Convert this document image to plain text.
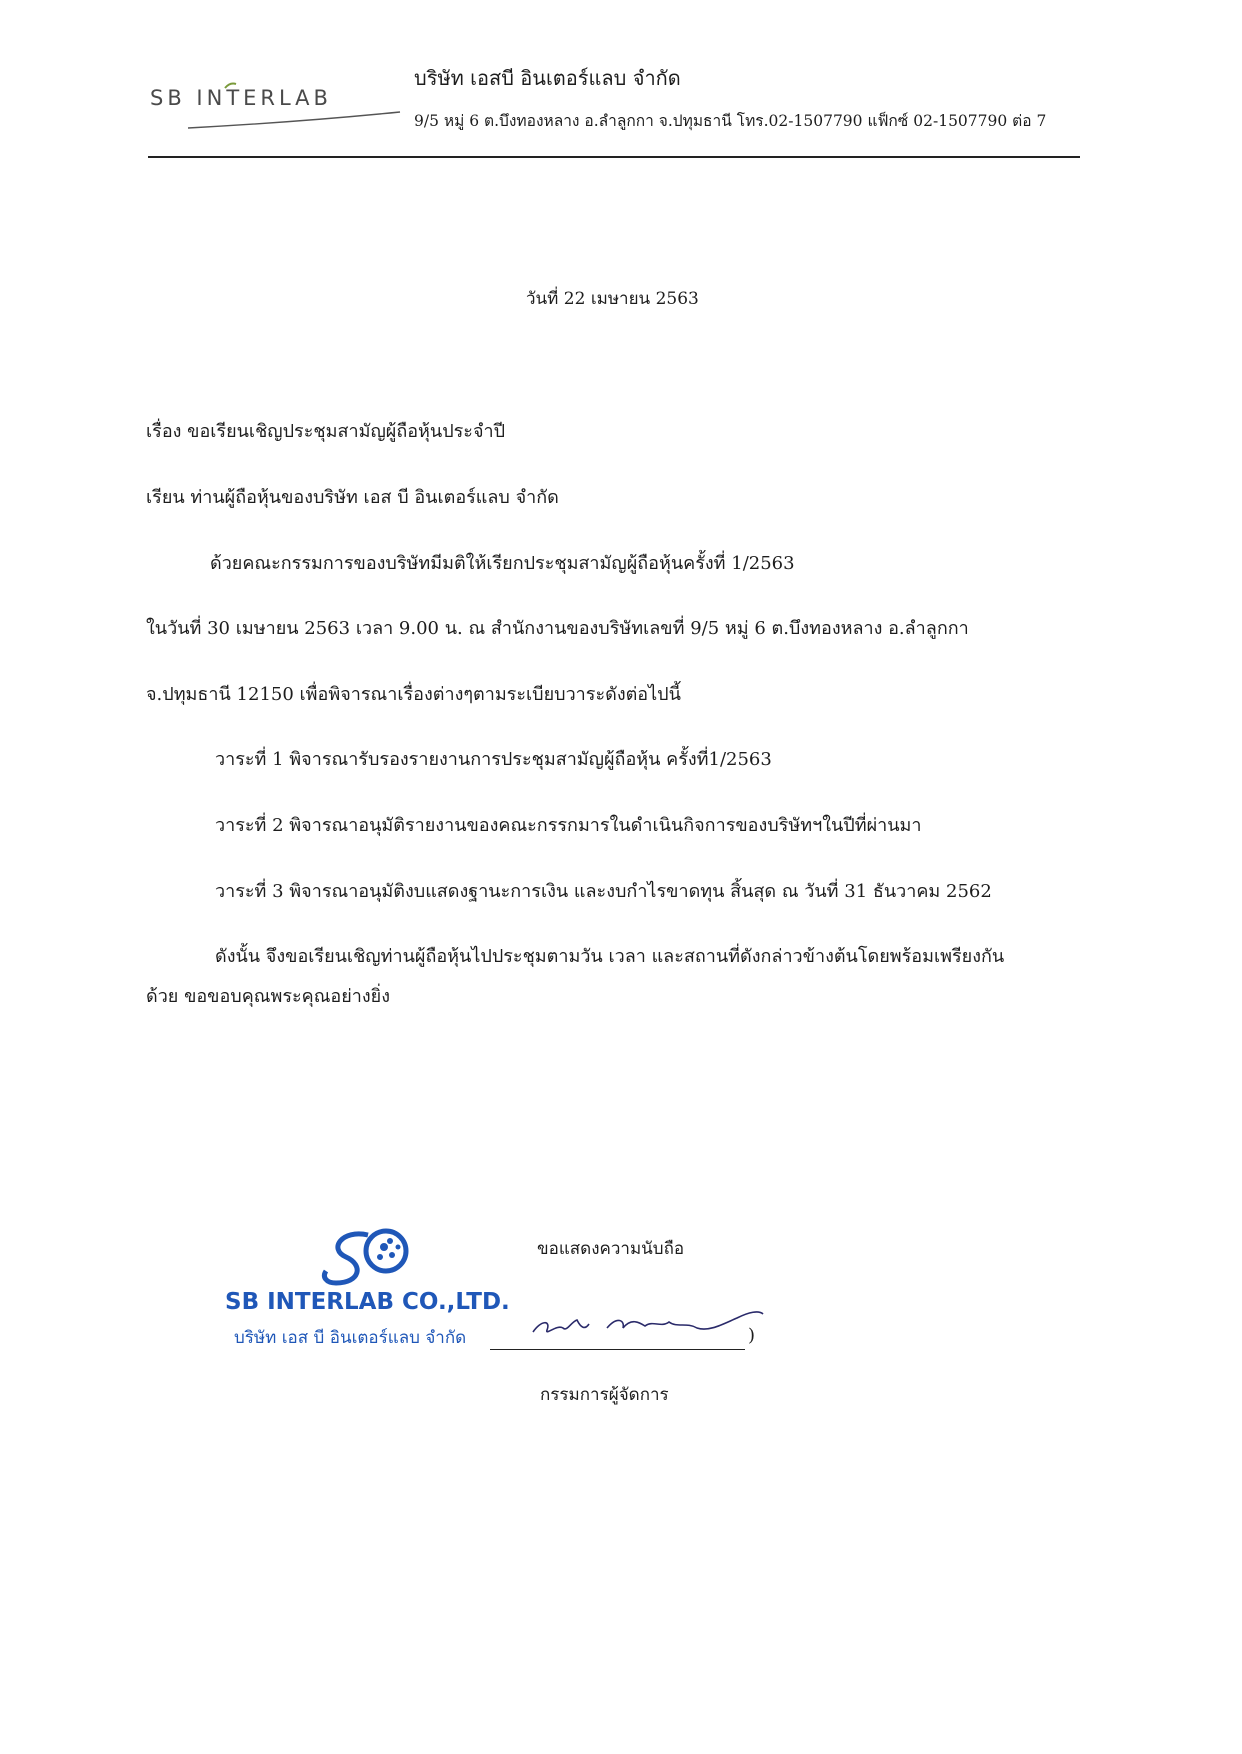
SB INTERLAB
บริษัท เอสบี อินเตอร์แลบ จำกัด
9/5 หมู่ 6 ต.บึงทองหลาง อ.ลำลูกกา จ.ปทุมธานี โทร.02-1507790 แฟ็กซ์ 02-1507790 ต่อ 7
วันที่ 22 เมษายน 2563
เรื่อง ขอเรียนเชิญประชุมสามัญผู้ถือหุ้นประจำปี
เรียน ท่านผู้ถือหุ้นของบริษัท เอส บี อินเตอร์แลบ จำกัด
ด้วยคณะกรรมการของบริษัทมีมติให้เรียกประชุมสามัญผู้ถือหุ้นครั้งที่ 1/2563
ในวันที่ 30 เมษายน 2563 เวลา 9.00 น. ณ สำนักงานของบริษัทเลขที่ 9/5 หมู่ 6 ต.บึงทองหลาง อ.ลำลูกกา
จ.ปทุมธานี 12150 เพื่อพิจารณาเรื่องต่างๆตามระเบียบวาระดังต่อไปนี้
วาระที่ 1 พิจารณารับรองรายงานการประชุมสามัญผู้ถือหุ้น ครั้งที่1/2563
วาระที่ 2 พิจารณาอนุมัติรายงานของคณะกรรกมารในดำเนินกิจการของบริษัทฯในปีที่ผ่านมา
วาระที่ 3 พิจารณาอนุมัติงบแสดงฐานะการเงิน และงบกำไรขาดทุน สิ้นสุด ณ วันที่ 31 ธันวาคม 2562
ดังนั้น จึงขอเรียนเชิญท่านผู้ถือหุ้นไปประชุมตามวัน เวลา และสถานที่ดังกล่าวข้างต้นโดยพร้อมเพรียงกัน
ด้วย ขอขอบคุณพระคุณอย่างยิ่ง
ขอแสดงความนับถือ
SB INTERLAB CO.,LTD.
บริษัท เอส บี อินเตอร์แลบ จำกัด	)
กรรมการผู้จัดการ
